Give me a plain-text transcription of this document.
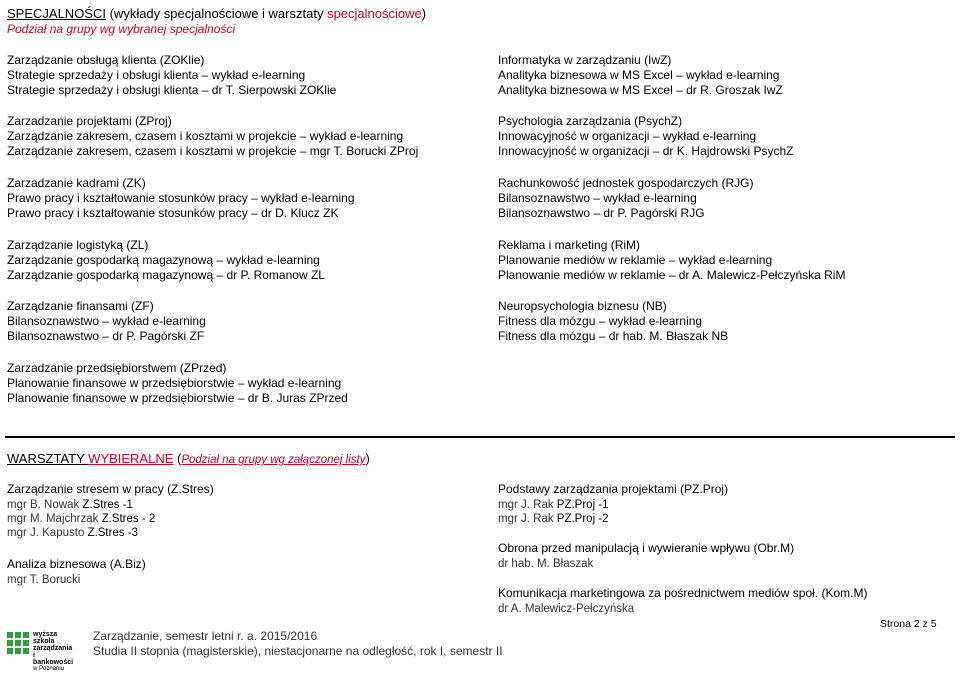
SPECJALNOŚCI (wykłady specjalnościowe i warsztaty specjalnościowe)
Podział na grupy wg wybranej specjalności
Zarządzanie obsługą klienta (ZOKlie)
Strategie sprzedaży i obsługi klienta – wykład e-learning
Strategie sprzedaży i obsługi klienta – dr T. Sierpowski ZOKlie
Zarzadzanie projektami (ZProj)
Zarządzanie zakresem, czasem i kosztami w projekcie – wykład e-learning
Zarządzanie zakresem, czasem i kosztami w projekcie – mgr T. Borucki ZProj
Zarzadzanie kadrami (ZK)
Prawo pracy i kształtowanie stosunków pracy – wykład e-learning
Prawo pracy i kształtowanie stosunków pracy – dr D. Klucz ZK
Zarządzanie logistyką (ZL)
Zarządzanie gospodarką magazynową – wykład e-learning
Zarządzanie gospodarką magazynową – dr P. Romanow ZL
Zarządzanie finansami (ZF)
Bilansoznawstwo – wykład e-learning
Bilansoznawstwo – dr P. Pagórski ZF
Zarzadzanie przedsiębiorstwem (ZPrzed)
Planowanie finansowe w przedsiębiorstwie – wykład e-learning
Planowanie finansowe w przedsiębiorstwie – dr B. Juras ZPrzed
Informatyka w zarządzaniu (IwZ)
Analityka biznesowa w MS Excel – wykład e-learning
Analityka biznesowa w MS Excel – dr R. Groszak IwZ
Psychologia zarządzania (PsychZ)
Innowacyjność w organizacji – wykład e-learning
Innowacyjność w organizacji – dr K. Hajdrowski PsychZ
Rachunkowość jednostek gospodarczych (RJG)
Bilansoznawstwo – wykład e-learning
Bilansoznawstwo – dr P. Pagórski RJG
Reklama i marketing (RiM)
Planowanie mediów w reklamie – wykład e-learning
Planowanie mediów w reklamie – dr A. Malewicz-Pełczyńska RiM
Neuropsychologia biznesu (NB)
Fitness dla mózgu – wykład e-learning
Fitness dla mózgu – dr hab. M. Błaszak NB
WARSZTATY WYBIERALNE (Podział na grupy wg załączonej listy)
Zarządzanie stresem w pracy (Z.Stres)
mgr B. Nowak Z.Stres -1
mgr M. Majchrzak Z.Stres - 2
mgr J. Kapusto Z.Stres -3
Analiza biznesowa (A.Biz)
mgr T. Borucki
Podstawy zarządzania projektami (PZ.Proj)
mgr J. Rak PZ.Proj -1
mgr J. Rak PZ.Proj -2
Obrona przed manipulacją i wywieranie wpływu (Obr.M)
dr hab. M. Błaszak
Komunikacja marketingowa za pośrednictwem mediów społ. (Kom.M)
dr A. Malewicz-Pełczyńska
wyższa
szkoła
zarządzania
i bankowości
w Poznaniu
Zarządzanie, semestr letni r. a. 2015/2016
Studia II stopnia (magisterskie), niestacjonarne na odległość, rok I, semestr II
Strona 2 z 5
